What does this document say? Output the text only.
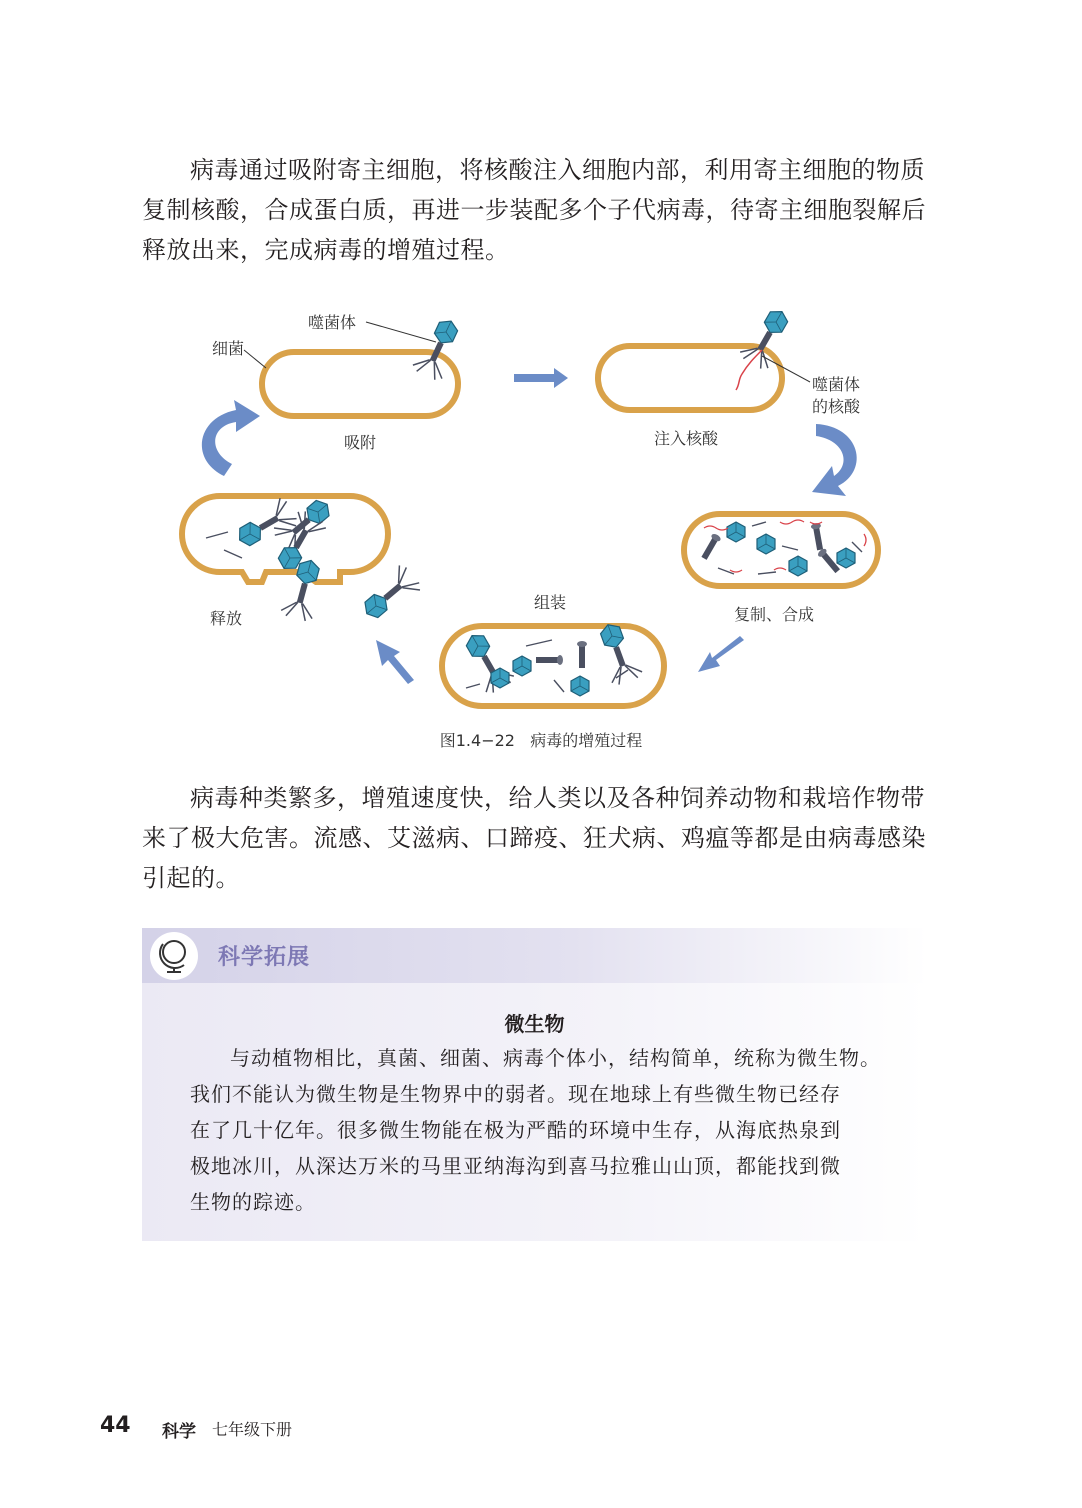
病毒通过吸附寄主细胞，将核酸注入细胞内部，利用寄主细胞的物质
复制核酸，合成蛋白质，再进一步装配多个子代病毒，待寄主细胞裂解后
释放出来，完成病毒的增殖过程。
噬菌体
细菌
噬菌体
的核酸
吸附	注入核酸
复制、合成
组装
释放
图1.4−22 病毒的增殖过程
病毒种类繁多，增殖速度快，给人类以及各种饲养动物和栽培作物带
来了极大危害。流感、艾滋病、口蹄疫、狂犬病、鸡瘟等都是由病毒感染
引起的。
科学拓展
微生物
与动植物相比，真菌、细菌、病毒个体小，结构简单，统称为微生物。
我们不能认为微生物是生物界中的弱者。现在地球上有些微生物已经存
在了几十亿年。很多微生物能在极为严酷的环境中生存，从海底热泉到
极地冰川，从深达万米的马里亚纳海沟到喜马拉雅山山顶，都能找到微
生物的踪迹。
44 科学 七年级下册
